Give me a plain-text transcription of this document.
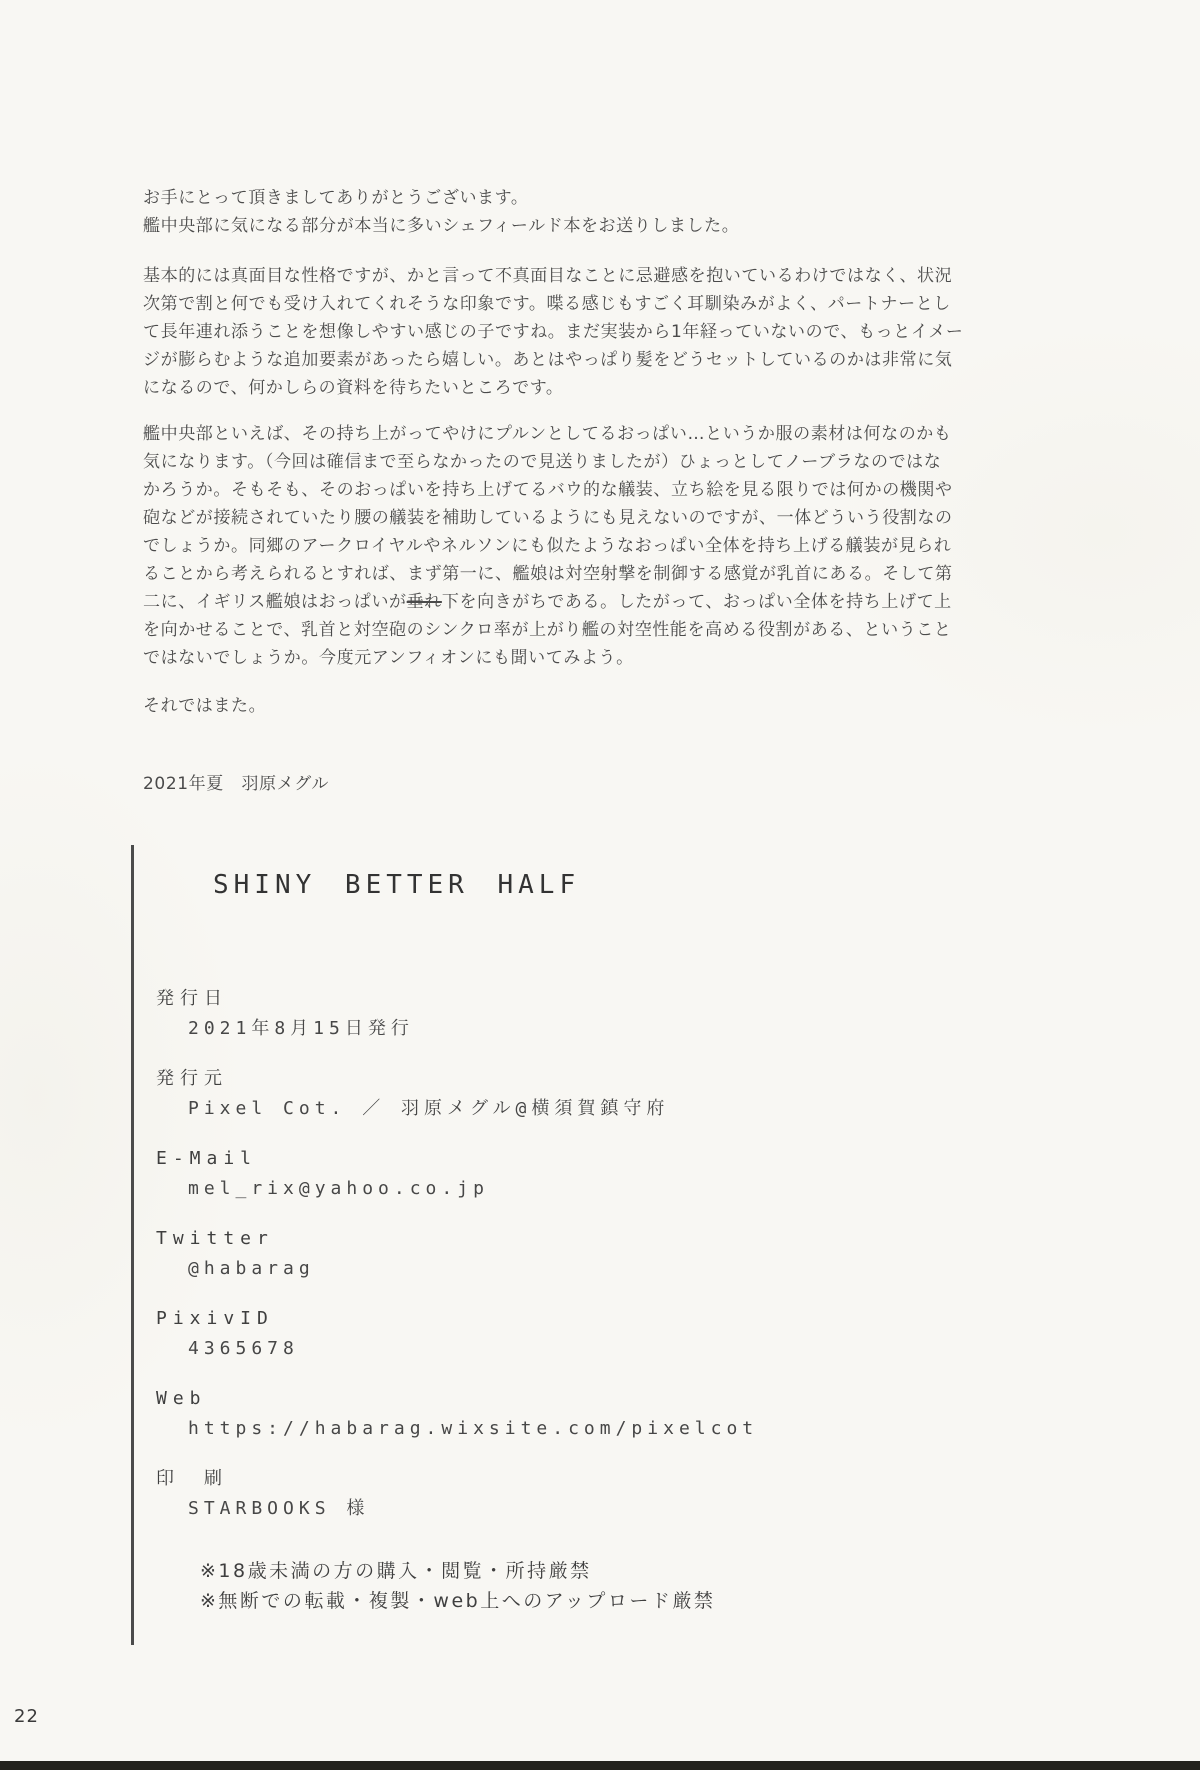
お手にとって頂きましてありがとうございます。
艦中央部に気になる部分が本当に多いシェフィールド本をお送りしました。
基本的には真面目な性格ですが、かと言って不真面目なことに忌避感を抱いているわけではなく、状況
次第で割と何でも受け入れてくれそうな印象です。喋る感じもすごく耳馴染みがよく、パートナーとし
て長年連れ添うことを想像しやすい感じの子ですね。まだ実装から1年経っていないので、もっとイメー
ジが膨らむような追加要素があったら嬉しい。あとはやっぱり髪をどうセットしているのかは非常に気
になるので、何かしらの資料を待ちたいところです。
艦中央部といえば、その持ち上がってやけにプルンとしてるおっぱい…というか服の素材は何なのかも
気になります。（今回は確信まで至らなかったので見送りましたが）ひょっとしてノーブラなのではな
かろうか。そもそも、そのおっぱいを持ち上げてるバウ的な艤装、立ち絵を見る限りでは何かの機関や
砲などが接続されていたり腰の艤装を補助しているようにも見えないのですが、一体どういう役割なの
でしょうか。同郷のアークロイヤルやネルソンにも似たようなおっぱい全体を持ち上げる艤装が見られ
ることから考えられるとすれば、まず第一に、艦娘は対空射撃を制御する感覚が乳首にある。そして第
二に、イギリス艦娘はおっぱいが垂れ下を向きがちである。したがって、おっぱい全体を持ち上げて上
を向かせることで、乳首と対空砲のシンクロ率が上がり艦の対空性能を高める役割がある、ということ
ではないでしょうか。今度元アンフィオンにも聞いてみよう。
それではまた。
2021年夏　羽原メグル
SHINY BETTER HALF
発行日
2021年8月15日発行
発行元
Pixel Cot. ／ 羽原メグル@横須賀鎮守府
E-Mail
mel_rix@yahoo.co.jp
Twitter
@habarag
PixivID
4365678
Web
https://habarag.wixsite.com/pixelcot
印　刷
STARBOOKS 様
※18歳未満の方の購入・閲覧・所持厳禁
※無断での転載・複製・web上へのアップロード厳禁
22
